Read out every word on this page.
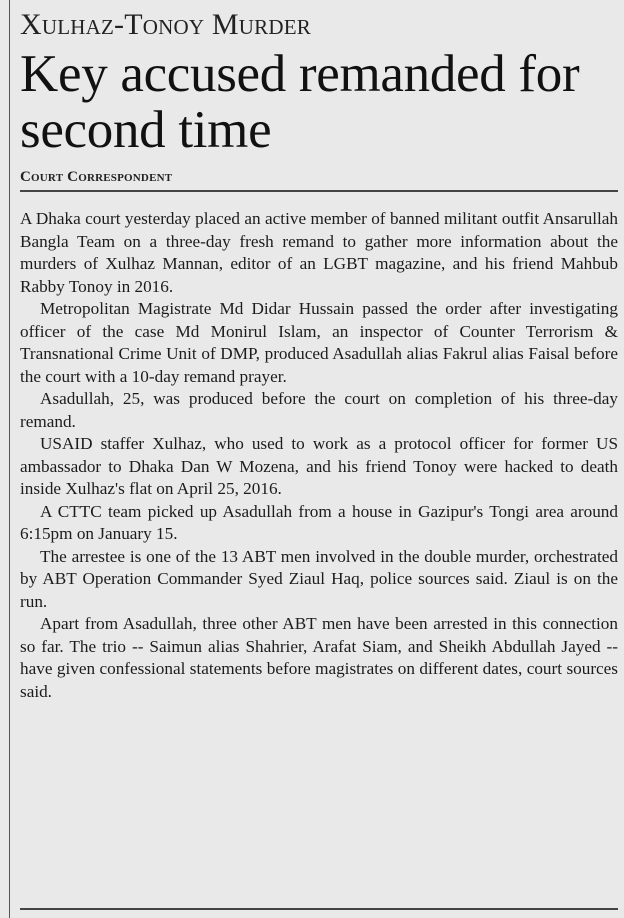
Xulhaz-Tonoy Murder
Key accused remanded for second time
Court Correspondent

A Dhaka court yesterday placed an active member of banned militant outfit Ansarullah Bangla Team on a three-day fresh remand to gather more information about the murders of Xulhaz Mannan, editor of an LGBT magazine, and his friend Mahbub Rabby Tonoy in 2016.

Metropolitan Magistrate Md Didar Hussain passed the order after investigating officer of the case Md Monirul Islam, an inspector of Counter Terrorism & Transnational Crime Unit of DMP, produced Asadullah alias Fakrul alias Faisal before the court with a 10-day remand prayer.

Asadullah, 25, was produced before the court on completion of his three-day remand.

USAID staffer Xulhaz, who used to work as a protocol officer for former US ambassador to Dhaka Dan W Mozena, and his friend Tonoy were hacked to death inside Xulhaz's flat on April 25, 2016.

A CTTC team picked up Asadullah from a house in Gazipur's Tongi area around 6:15pm on January 15.

The arrestee is one of the 13 ABT men involved in the double murder, orchestrated by ABT Operation Commander Syed Ziaul Haq, police sources said. Ziaul is on the run.

Apart from Asadullah, three other ABT men have been arrested in this connection so far. The trio -- Saimun alias Shahrier, Arafat Siam, and Sheikh Abdullah Jayed -- have given confessional statements before magistrates on different dates, court sources said.
